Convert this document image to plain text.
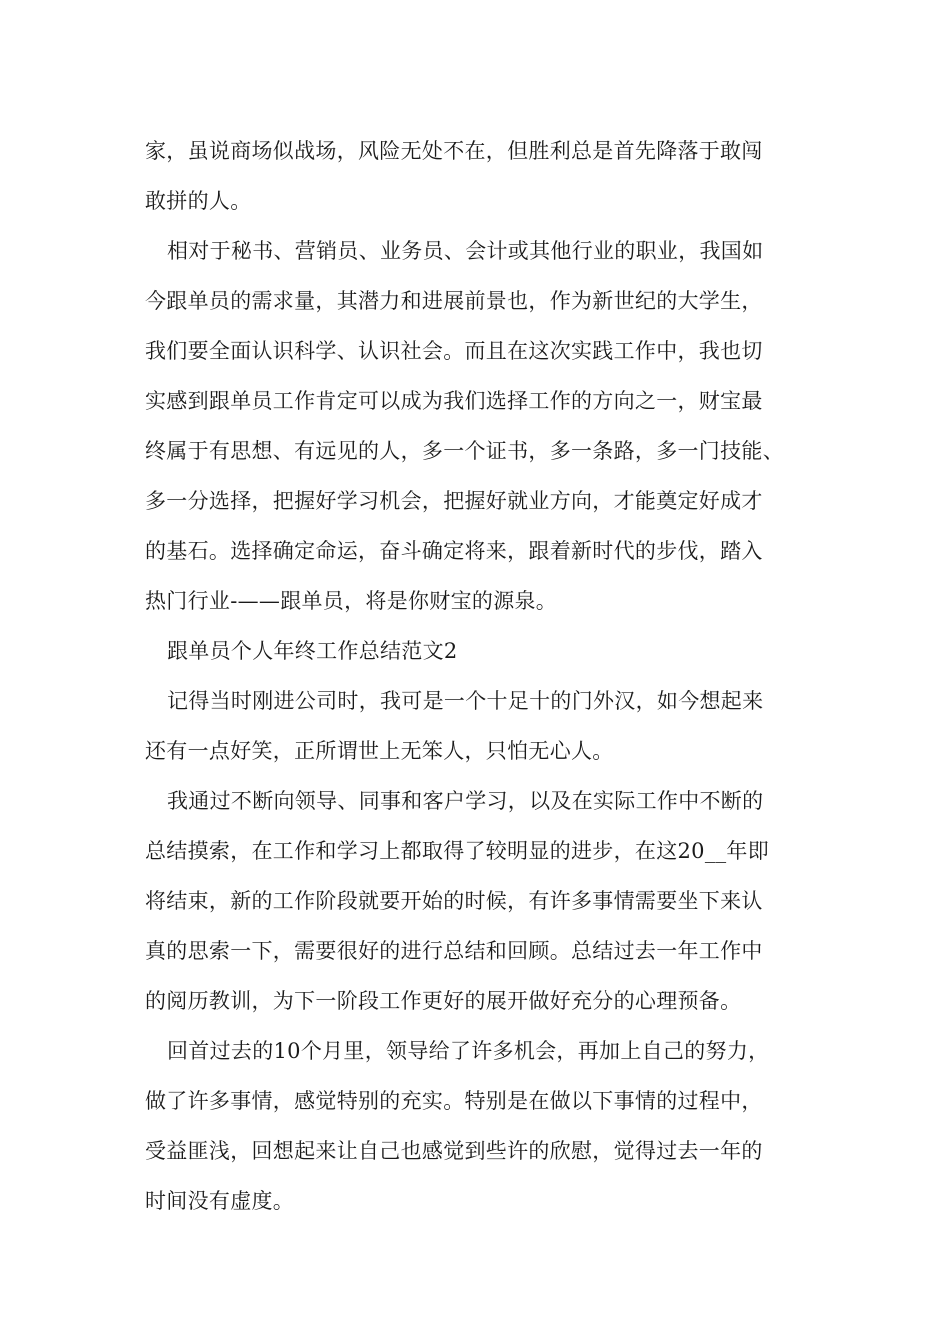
家，虽说商场似战场，风险无处不在，但胜利总是首先降落于敢闯
敢拼的人。
相对于秘书、营销员、业务员、会计或其他行业的职业，我国如
今跟单员的需求量，其潜力和进展前景也，作为新世纪的大学生，
我们要全面认识科学、认识社会。而且在这次实践工作中，我也切
实感到跟单员工作肯定可以成为我们选择工作的方向之一，财宝最
终属于有思想、有远见的人，多一个证书，多一条路，多一门技能、
多一分选择，把握好学习机会，把握好就业方向，才能奠定好成才
的基石。选择确定命运，奋斗确定将来，跟着新时代的步伐，踏入
热门行业-——跟单员，将是你财宝的源泉。
跟单员个人年终工作总结范文2
记得当时刚进公司时，我可是一个十足十的门外汉，如今想起来
还有一点好笑，正所谓世上无笨人，只怕无心人。
我通过不断向领导、同事和客户学习，以及在实际工作中不断的
总结摸索，在工作和学习上都取得了较明显的进步，在这20__年即
将结束，新的工作阶段就要开始的时候，有许多事情需要坐下来认
真的思索一下，需要很好的进行总结和回顾。总结过去一年工作中
的阅历教训，为下一阶段工作更好的展开做好充分的心理预备。
回首过去的10个月里，领导给了许多机会，再加上自己的努力，
做了许多事情，感觉特别的充实。特别是在做以下事情的过程中，
受益匪浅，回想起来让自己也感觉到些许的欣慰，觉得过去一年的
时间没有虚度。
